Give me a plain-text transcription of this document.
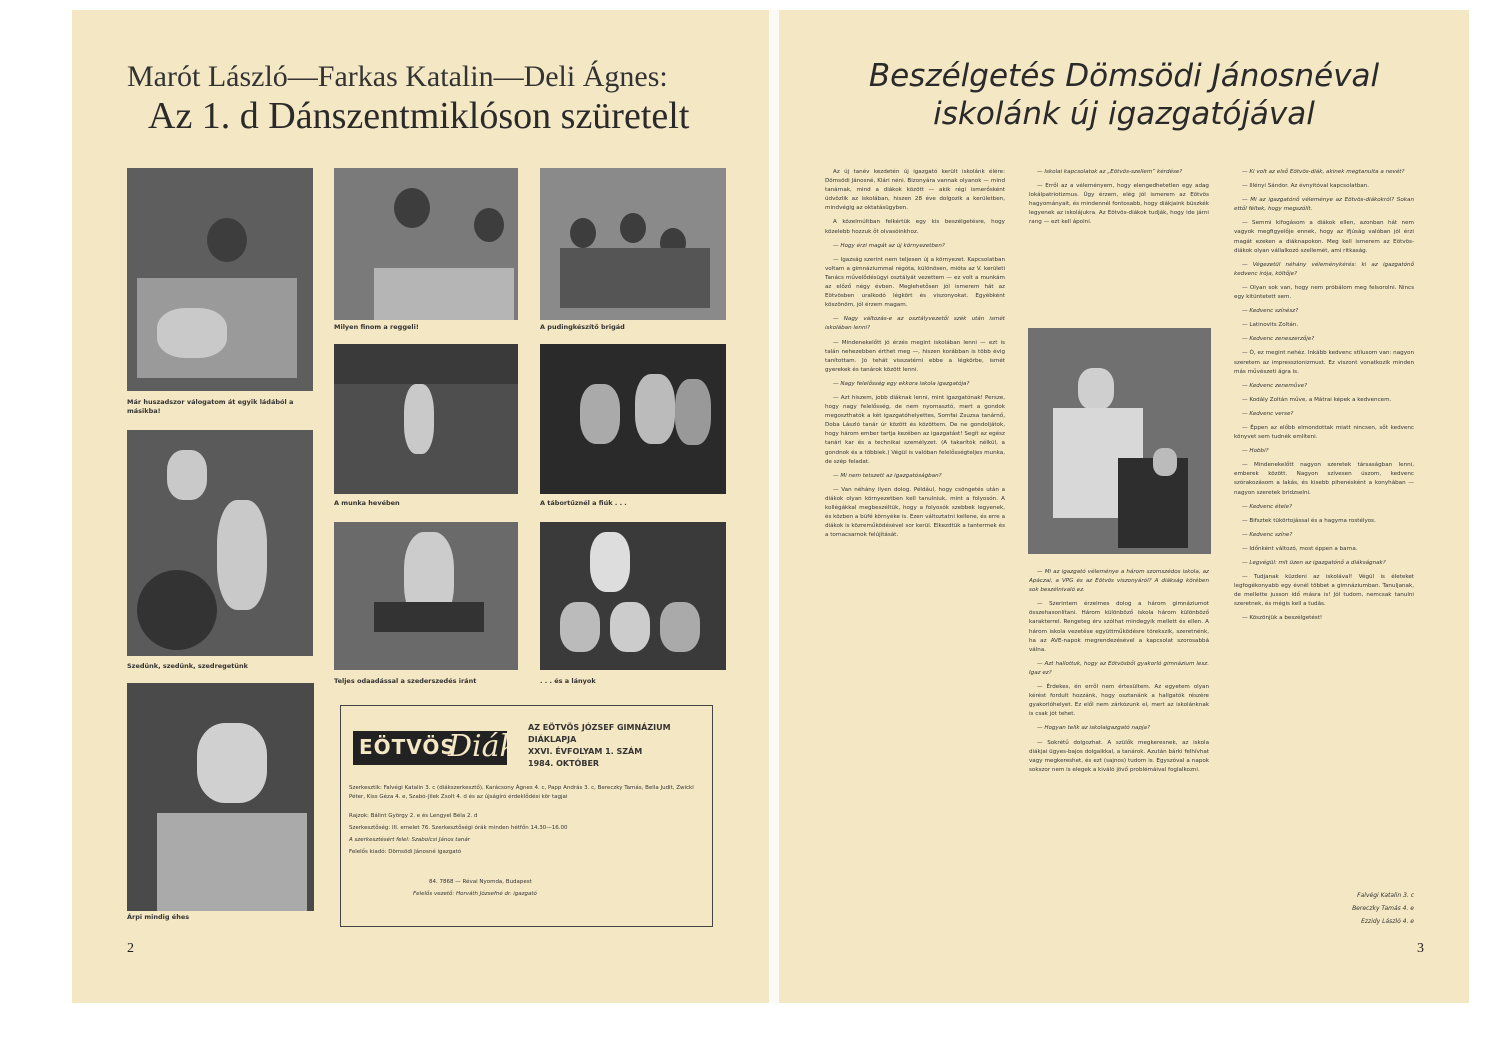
Marót László—Farkas Katalin—Deli Ágnes:
Az 1. d Dánszentmiklóson szüretelt
Már huszadszor válogatom át egyik ládából a másikba!
Milyen finom a reggeli!	A pudingkészítő brigád
Szedünk, szedünk, szedregetünk
A munka hevében	A tábortűznél a fiúk . . .
Teljes odaadással a szederszedés iránt	. . . és a lányok
Árpi mindig éhes
EÖTVÖS
Diák
AZ EÖTVÖS JÓZSEF GIMNÁZIUM
DIÁKLAPJA
XXVI. ÉVFOLYAM 1. SZÁM
1984. OKTÓBER
Szerkesztik: Falvégi Katalin 3. c (diákszerkesztő), Karácsony Ágnes 4. c, Papp András 3. c, Bereczky Tamás, Bella Judit, Zwickl Péter, Kiss Géza 4. e, Szabó-Jilek Zsolt 4. d és az újságíró érdeklődési kör tagjai
Rajzok: Bálint György 2. e és Lengyel Béla 2. d
Szerkesztőség: III. emelet 76. Szerkesztőségi órák minden hétfőn 14.30—16.00
A szerkesztésért felel: Szabolcsi János tanár
Felelős kiadó: Dömsödi Jánosné igazgató
84. 7868 — Révai Nyomda, Budapest
Felelős vezető: Horváth Józsefné dr. igazgató
2
Beszélgetés Dömsödi Jánosnéval
iskolánk új igazgatójával

Az új tanév kezdetén új igazgató került iskolánk élére: Dömsödi Jánosné, Klári néni. Bizonyára vannak olyanok — mind tanárnak, mind a diákok között — akik régi ismerősként üdvözlik az iskolában, hiszen 28 éve dolgozik a kerületben, mindvégig az oktatásügyben.

A közelmúltban felkértük egy kis beszélgetésre, hogy közelebb hozzuk őt olvasóinkhoz.

— Hogy érzi magát az új környezetben?

— Igazság szerint nem teljesen új a környezet. Kapcsolatban voltam a gimnáziummal régóta, különösen, mióta az V. kerületi Tanács művelődésügyi osztályát vezettem — ez volt a munkám az előző négy évben. Meglehetősen jól ismerem hát az Eötvösben uralkodó légkört és viszonyokat. Egyébként köszönöm, jól érzem magam.

— Nagy változás-e az osztályvezetői szék után ismét iskolában lenni?

— Mindenekelőtt jó érzés megint iskolában lenni — ezt is talán nehezebben érthet meg —, hiszen korábban is több évig tanítottam. Jó tehát visszatérni ebbe a légkörbe, ismét gyerekek és tanárok között lenni.

— Nagy felelősség egy ekkora iskola igazgatója?

— Azt hiszem, jobb diáknak lenni, mint igazgatónak! Persze, hogy nagy felelősség, de nem nyomasztó, mert a gondok megoszthatók a két igazgatóhelyettes, Somfai Zsuzsa tanárnő, Doba László tanár úr között és közöttem. De ne gondoljátok, hogy három ember tartja kezében az igazgatást! Segít az egész tanári kar és a technikai személyzet. (A takarítók nélkül, a gondnok és a többiek.) Végül is valóban felelősségteljes munka, de szép feladat.

— Mi nem tetszett az igazgatóságban?

— Van néhány ilyen dolog. Például, hogy csöngetés után a diákok olyan környezetben kell tanulniuk, mint a folyosón. A kollégákkal megbeszéltük, hogy a folyosók szebbek legyenek, és közben a büfé környéke is. Ezen változtatni kellene, és erre a diákok is közreműködésével sor kerül. Elkezdtük a tantermek és a tornacsarnok felújítását.

— Iskolai kapcsolatok az „Eötvös-szellem” kérdése?

— Erről az a véleményem, hogy elengedhetetlen egy adag lokálpatriotizmus. Úgy érzem, elég jól ismerem az Eötvös hagyományait, és mindennél fontosabb, hogy diákjaink büszkék legyenek az iskolájukra. Az Eötvös-diákok tudják, hogy ide járni rang — ezt kell ápolni.

— Mi az igazgató véleménye a három szomszédos iskola, az Apáczai, a VPG és az Eötvös viszonyáról? A diákság körében sok beszélnivaló ez.

— Szerintem érzelmes dolog a három gimnáziumot összehasonlítani. Három különböző iskola három különböző karakterrel. Rengeteg érv szólhat mindegyik mellett és ellen. A három iskola vezetése együttműködésre törekszik, szeretnénk, ha az AVE-napok megrendezésével a kapcsolat szorosabbá válna.

— Azt hallottuk, hogy az Eötvösből gyakorló gimnázium lesz. Igaz ez?

— Érdekes, én erről nem értesültem. Az egyetem olyan kérést fordult hozzánk, hogy osztanánk a hallgatók részére gyakorlóhelyet. Ez elől nem zárkózunk el, mert az iskolánknak is csak jót tehet.

— Hogyan telik az iskolaigazgató napja?

— Sokrétű dolgozhat. A szülők megkeresnek, az iskola diákjai ügyes-bajos dolgaikkal, a tanárok. Azután bárki felhívhat vagy megkereshet, és ezt (sajnos) tudom is. Egyszóval a napok sokszor nem is elegek a kiváló jövő problémáival foglalkozni.

— Ki volt az első Eötvös-diák, akinek megtanulta a nevét?

— Illényi Sándor. Az évnyitóval kapcsolatban.

— Mi az igazgatónő véleménye az Eötvös-diákokról? Sokan ettől féltek, hogy megszólít.

— Semmi kifogásom a diákok ellen, azonban hát nem vagyok megfigyelője ennek, hogy az ifjúság valóban jól érzi magát ezeken a diáknapokon. Meg kell ismerem az Eötvös-diákok olyan vállalkozó szellemét, ami ritkaság.

— Végezetül néhány véleménykérés: ki az igazgatónő kedvenc írója, költője?

— Olyan sok van, hogy nem próbálom meg felsorolni. Nincs egy kitüntetett sem.

— Kedvenc színész?

— Latinovits Zoltán.

— Kedvenc zeneszerzője?

— Ó, ez megint nehéz. Inkább kedvenc stílusom van: nagyon szeretem az impresszionizmust. Ez viszont vonatkozik minden más művészeti ágra is.

— Kedvenc zeneműve?

— Kodály Zoltán műve, a Mátrai képek a kedvencem.

— Kedvenc verse?

— Éppen az előbb elmondottak miatt nincsen, sőt kedvenc könyvet sem tudnék említeni.

— Hobbi?

— Mindenekelőtt nagyon szeretek társaságban lenni, emberek között. Nagyon szívesen úszom, kedvenc szórakozásom a lakás, és kisebb pihenésként a konyhában — nagyon szeretek bridzselni.

— Kedvenc étele?

— Bifsztek tükörtojással és a hagyma rostélyos.

— Kedvenc színe?

— Időnként változó, most éppen a barna.

— Legvégül: mit üzen az igazgatónő a diákságnak?

— Tudjanak küzdeni az iskolával! Végül is életeket legfogékonyabb egy évnél többet a gimnáziumban. Tanuljanak, de mellette jusson idő másra is! Jól tudom, nemcsak tanulni szeretnek, és mégis kell a tudás.

— Köszönjük a beszélgetést!

Falvégi Katalin 3. c
Bereczky Tamás 4. e
Ezzidy László 4. e
3
